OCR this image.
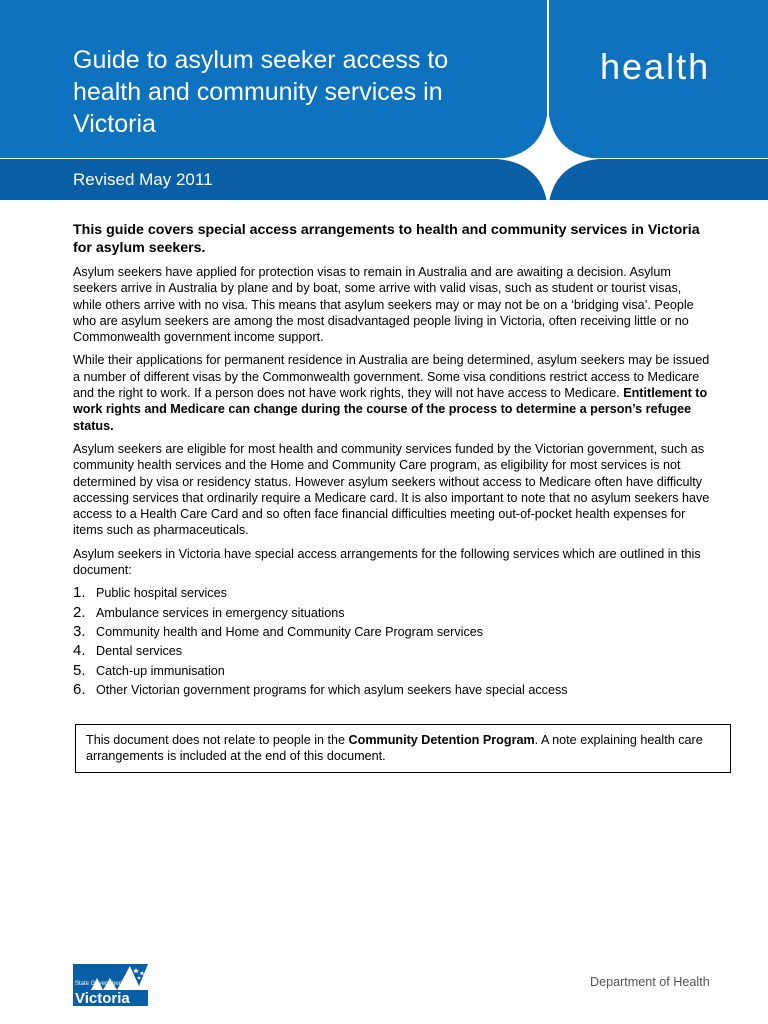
Guide to asylum seeker access to health and community services in Victoria
health
Revised May 2011

This guide covers special access arrangements to health and community services in Victoria for asylum seekers.

Asylum seekers have applied for protection visas to remain in Australia and are awaiting a decision. Asylum seekers arrive in Australia by plane and by boat, some arrive with valid visas, such as student or tourist visas, while others arrive with no visa. This means that asylum seekers may or may not be on a ‘bridging visa’. People who are asylum seekers are among the most disadvantaged people living in Victoria, often receiving little or no Commonwealth government income support.

While their applications for permanent residence in Australia are being determined, asylum seekers may be issued a number of different visas by the Commonwealth government. Some visa conditions restrict access to Medicare and the right to work. If a person does not have work rights, they will not have access to Medicare. Entitlement to work rights and Medicare can change during the course of the process to determine a person’s refugee status.

Asylum seekers are eligible for most health and community services funded by the Victorian government, such as community health services and the Home and Community Care program, as eligibility for most services is not determined by visa or residency status. However asylum seekers without access to Medicare often have difficulty accessing services that ordinarily require a Medicare card. It is also important to note that no asylum seekers have access to a Health Care Card and so often face financial difficulties meeting out-of-pocket health expenses for items such as pharmaceuticals.

Asylum seekers in Victoria have special access arrangements for the following services which are outlined in this document:

1. Public hospital services
2. Ambulance services in emergency situations
3. Community health and Home and Community Care Program services
4. Dental services
5. Catch-up immunisation
6. Other Victorian government programs for which asylum seekers have special access
This document does not relate to people in the Community Detention Program. A note explaining health care arrangements is included at the end of this document.
State Government
Victoria
Department of Health
